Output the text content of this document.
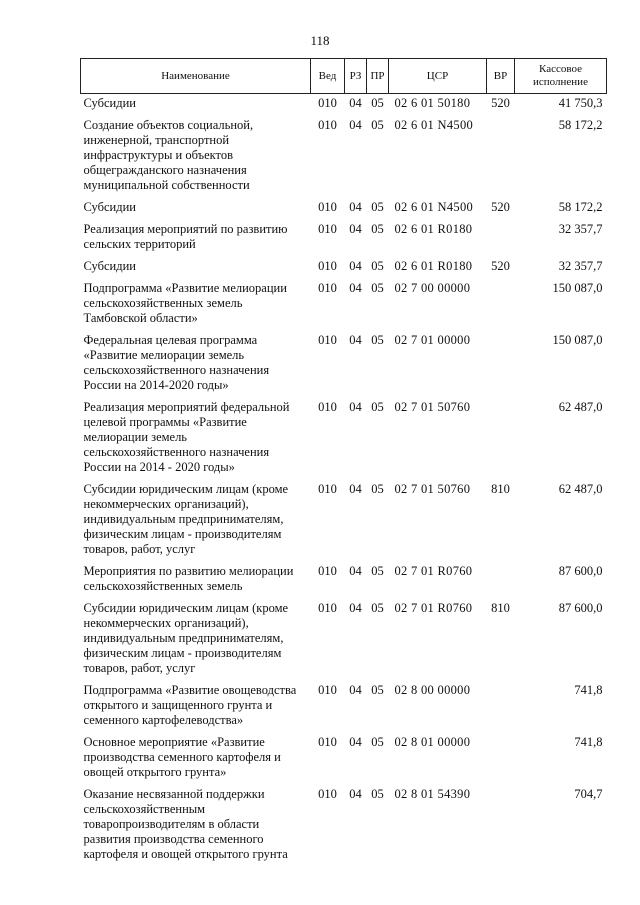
118
Наименование	Вед	РЗ	ПР	ЦСР	ВР	Кассовое исполнение
Субсидии	010	04	05	02 6 01 50180	520	41 750,3
Создание объектов социальной, инженерной, транспортной инфраструктуры и объектов общегражданского назначения муниципальной собственности	010	04	05	02 6 01 N4500		58 172,2
Субсидии	010	04	05	02 6 01 N4500	520	58 172,2
Реализация мероприятий по развитию сельских территорий	010	04	05	02 6 01 R0180		32 357,7
Субсидии	010	04	05	02 6 01 R0180	520	32 357,7
Подпрограмма «Развитие мелиорации сельскохозяйственных земель Тамбовской области»	010	04	05	02 7 00 00000		150 087,0
Федеральная целевая программа «Развитие мелиорации земель сельскохозяйственного назначения России на 2014-2020 годы»	010	04	05	02 7 01 00000		150 087,0
Реализация мероприятий федеральной целевой программы «Развитие мелиорации земель сельскохозяйственного назначения России на 2014 - 2020 годы»	010	04	05	02 7 01 50760		62 487,0
Субсидии юридическим лицам (кроме некоммерческих организаций), индивидуальным предпринимателям, физическим лицам - производителям товаров, работ, услуг	010	04	05	02 7 01 50760	810	62 487,0
Мероприятия по развитию мелиорации сельскохозяйственных земель	010	04	05	02 7 01 R0760		87 600,0
Субсидии юридическим лицам (кроме некоммерческих организаций), индивидуальным предпринимателям, физическим лицам - производителям товаров, работ, услуг	010	04	05	02 7 01 R0760	810	87 600,0
Подпрограмма «Развитие овощеводства открытого и защищенного грунта и семенного картофелеводства»	010	04	05	02 8 00 00000		741,8
Основное мероприятие «Развитие производства семенного картофеля и овощей открытого грунта»	010	04	05	02 8 01 00000		741,8
Оказание несвязанной поддержки сельскохозяйственным товаропроизводителям в области развития производства семенного картофеля и овощей открытого грунта	010	04	05	02 8 01 54390		704,7
